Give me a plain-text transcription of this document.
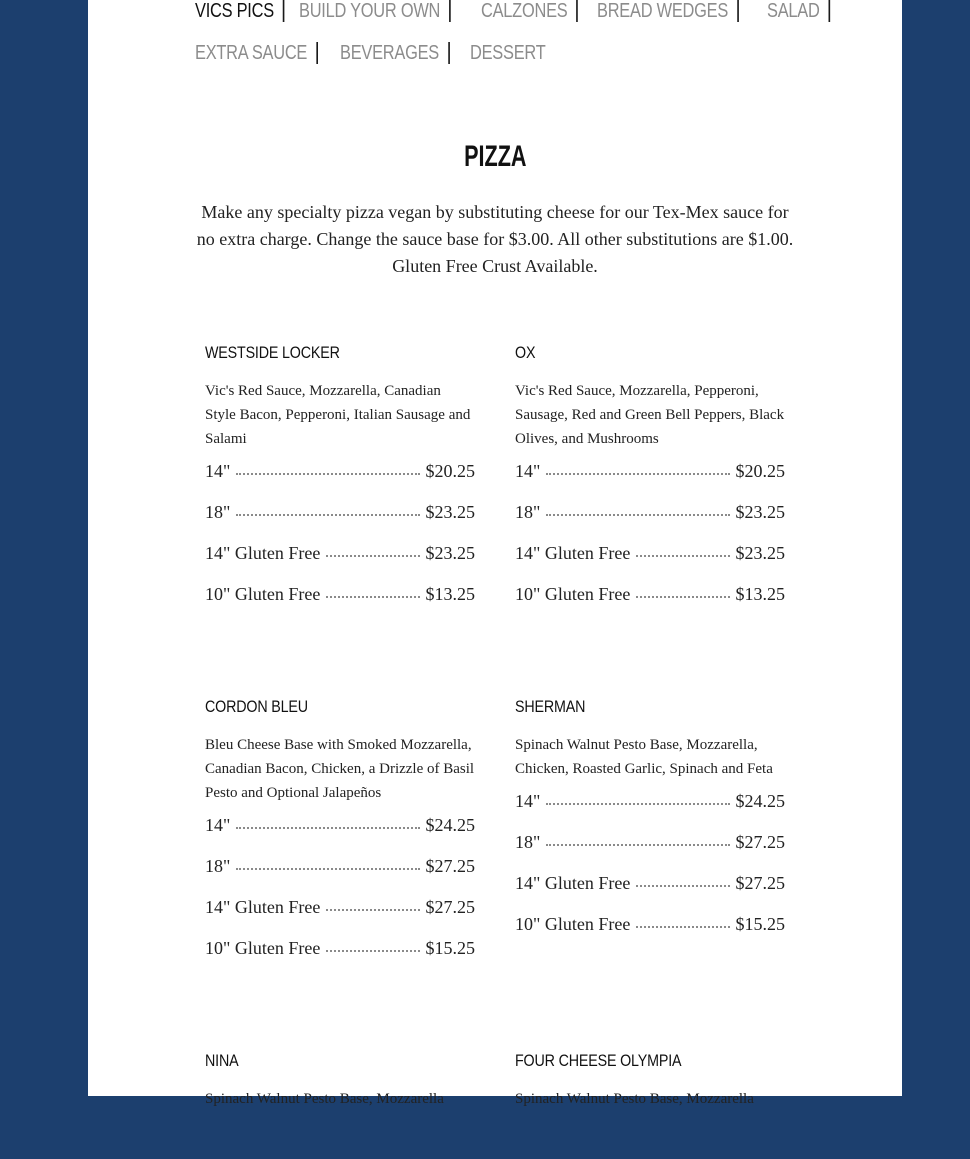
VICS PICS	BUILD YOUR OWN	CALZONES	BREAD WEDGES	SALAD
EXTRA SAUCE	BEVERAGES	DESSERT
PIZZA

Make any specialty pizza vegan by substituting cheese for our Tex-Mex sauce for no extra charge. Change the sauce base for $3.00. All other substitutions are $1.00. Gluten Free Crust Available.

WESTSIDE LOCKER
Vic's Red Sauce, Mozzarella, Canadian Style Bacon, Pepperoni, Italian Sausage and Salami
14"	$20.25
18"	$23.25
14" Gluten Free	$23.25
10" Gluten Free	$13.25
OX
Vic's Red Sauce, Mozzarella, Pepperoni, Sausage, Red and Green Bell Peppers, Black Olives, and Mushrooms
14"	$20.25
18"	$23.25
14" Gluten Free	$23.25
10" Gluten Free	$13.25
CORDON BLEU
Bleu Cheese Base with Smoked Mozzarella, Canadian Bacon, Chicken, a Drizzle of Basil Pesto and Optional Jalapeños
14"	$24.25
18"	$27.25
14" Gluten Free	$27.25
10" Gluten Free	$15.25
SHERMAN
Spinach Walnut Pesto Base, Mozzarella, Chicken, Roasted Garlic, Spinach and Feta
14"	$24.25
18"	$27.25
14" Gluten Free	$27.25
10" Gluten Free	$15.25
NINA
Spinach Walnut Pesto Base, Mozzarella
FOUR CHEESE OLYMPIA
Spinach Walnut Pesto Base, Mozzarella
